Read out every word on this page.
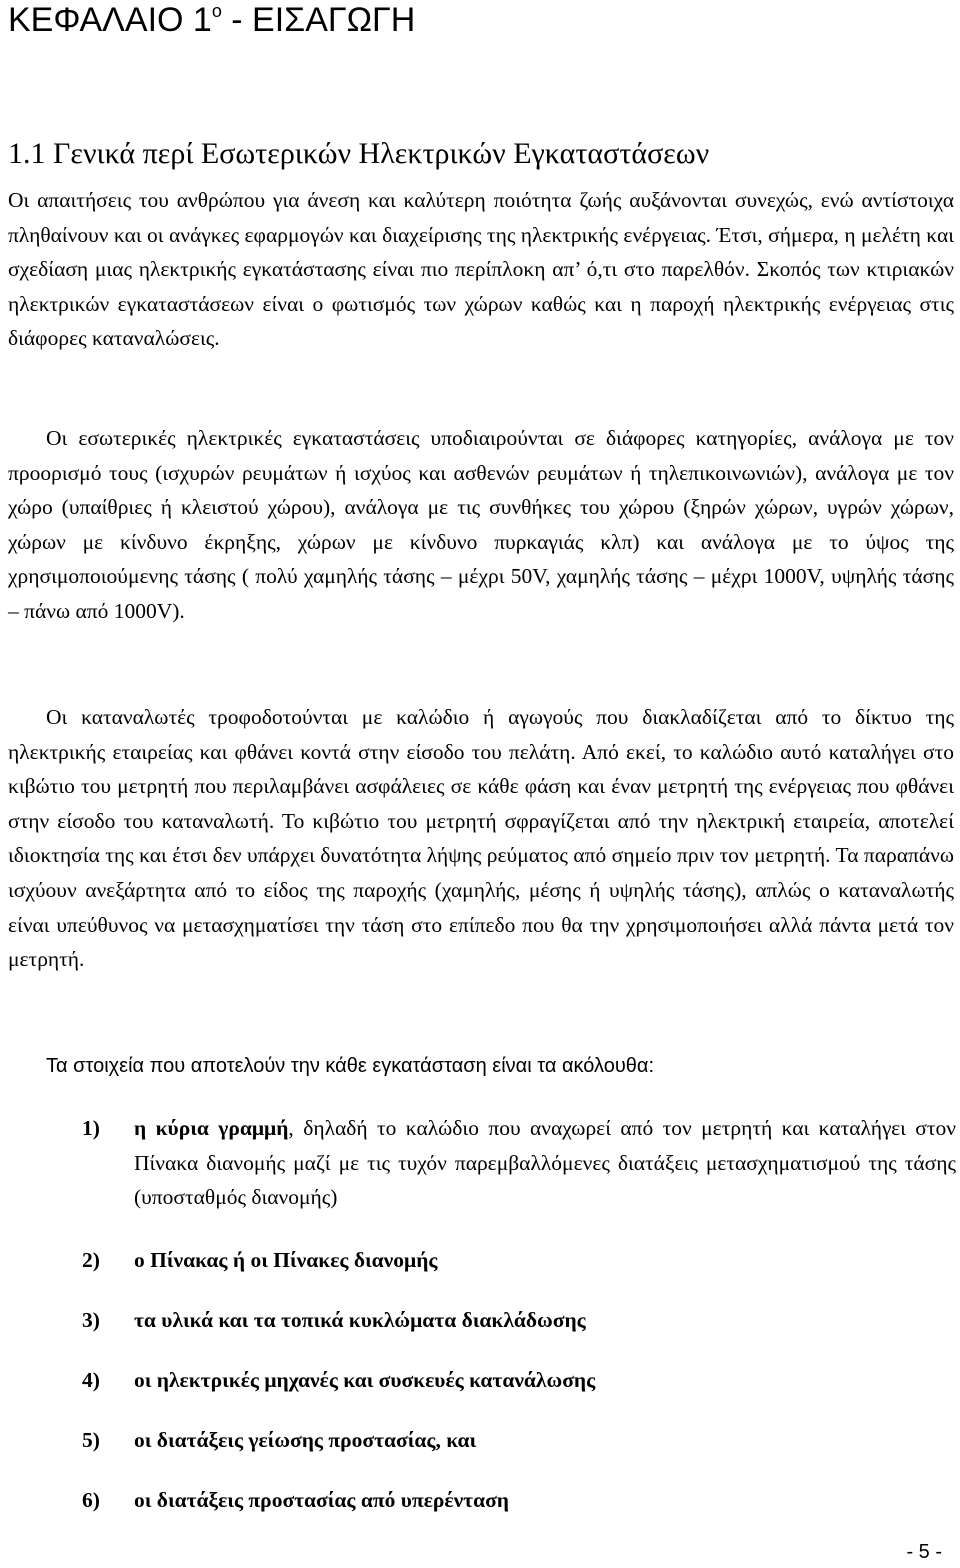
ΚΕΦΑΛΑΙΟ $1^o$ - ΕΙΣΑΓΩΓΗ
1.1 Γενικά περί Εσωτερικών Ηλεκτρικών Εγκαταστάσεων

Οι απαιτήσεις του ανθρώπου για άνεση και καλύτερη ποιότητα ζωής αυξάνονται συνεχώς, ενώ αντίστοιχα πληθαίνουν και οι ανάγκες εφαρμογών και διαχείρισης της ηλεκτρικής ενέργειας. Έτσι, σήμερα, η μελέτη και σχεδίαση μιας ηλεκτρικής εγκατάστασης είναι πιο περίπλοκη απ’ ό,τι στο παρελθόν. Σκοπός των κτιριακών ηλεκτρικών εγκαταστάσεων είναι ο φωτισμός των χώρων καθώς και η παροχή ηλεκτρικής ενέργειας στις διάφορες καταναλώσεις.

Οι εσωτερικές ηλεκτρικές εγκαταστάσεις υποδιαιρούνται σε διάφορες κατηγορίες, ανάλογα με τον προορισμό τους (ισχυρών ρευμάτων ή ισχύος και ασθενών ρευμάτων ή τηλεπικοινωνιών), ανάλογα με τον χώρο (υπαίθριες ή κλειστού χώρου), ανάλογα με τις συνθήκες του χώρου (ξηρών χώρων, υγρών χώρων, χώρων με κίνδυνο έκρηξης, χώρων με κίνδυνο πυρκαγιάς κλπ) και ανάλογα με το ύψος της χρησιμοποιούμενης τάσης ( πολύ χαμηλής τάσης – μέχρι 50V, χαμηλής τάσης – μέχρι 1000V, υψηλής τάσης – πάνω από 1000V).

Οι καταναλωτές τροφοδοτούνται με καλώδιο ή αγωγούς που διακλαδίζεται από το δίκτυο της ηλεκτρικής εταιρείας και φθάνει κοντά στην είσοδο του πελάτη. Από εκεί, το καλώδιο αυτό καταλήγει στο κιβώτιο του μετρητή που περιλαμβάνει ασφάλειες σε κάθε φάση και έναν μετρητή της ενέργειας που φθάνει στην είσοδο του καταναλωτή. Το κιβώτιο του μετρητή σφραγίζεται από την ηλεκτρική εταιρεία, αποτελεί ιδιοκτησία της και έτσι δεν υπάρχει δυνατότητα λήψης ρεύματος από σημείο πριν τον μετρητή. Τα παραπάνω ισχύουν ανεξάρτητα από το είδος της παροχής (χαμηλής, μέσης ή υψηλής τάσης), απλώς ο καταναλωτής είναι υπεύθυνος να μετασχηματίσει την τάση στο επίπεδο που θα την χρησιμοποιήσει αλλά πάντα μετά τον μετρητή.

Τα στοιχεία που αποτελούν την κάθε εγκατάσταση είναι τα ακόλουθα:

1)	η κύρια γραμμή, δηλαδή το καλώδιο που αναχωρεί από τον μετρητή και καταλήγει στον Πίνακα διανομής μαζί με τις τυχόν παρεμβαλλόμενες διατάξεις μετασχηματισμού της τάσης (υποσταθμός διανομής)
2)	ο Πίνακας ή οι Πίνακες διανομής
3)	τα υλικά και τα τοπικά κυκλώματα διακλάδωσης
4)	οι ηλεκτρικές μηχανές και συσκευές κατανάλωσης
5)	οι διατάξεις γείωσης προστασίας, και
6)	οι διατάξεις προστασίας από υπερένταση
- 5 -
